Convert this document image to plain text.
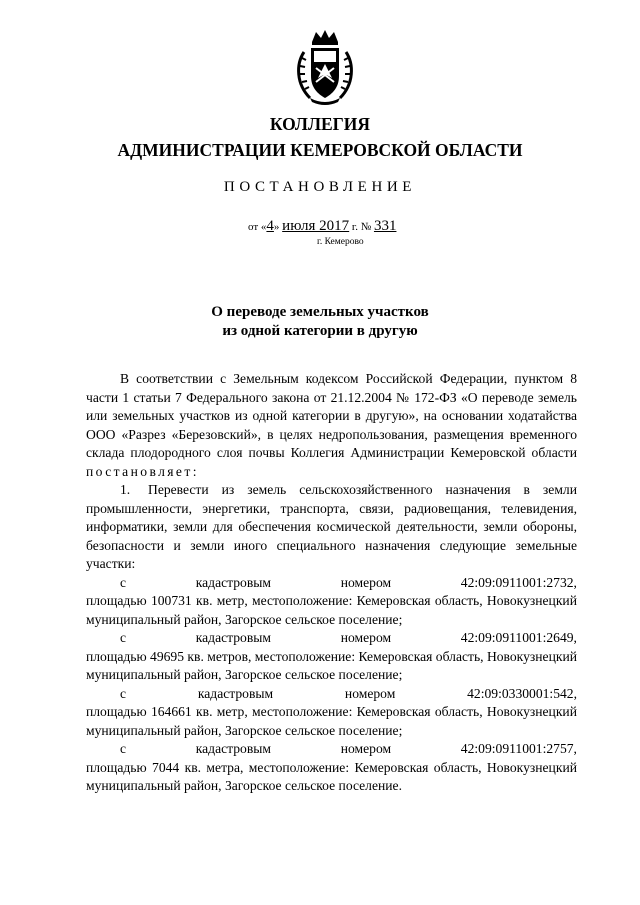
КОЛЛЕГИЯ
АДМИНИСТРАЦИИ КЕМЕРОВСКОЙ ОБЛАСТИ
ПОСТАНОВЛЕНИЕ
от «4» июля 2017 г. № 331
г. Кемерово
О переводе земельных участков
из одной категории в другую

В соответствии с Земельным кодексом Российской Федерации, пунктом 8 части 1 статьи 7 Федерального закона от 21.12.2004 № 172-ФЗ «О переводе земель или земельных участков из одной категории в другую», на основании ходатайства ООО «Разрез «Березовский», в целях недропользования, размещения временного склада плодородного слоя почвы Коллегия Администрации Кемеровской области постановляет:

1. Перевести из земель сельскохозяйственного назначения в земли промышленности, энергетики, транспорта, связи, радиовещания, телевидения, информатики, земли для обеспечения космической деятельности, земли обороны, безопасности и земли иного специального назначения следующие земельные участки:

с	кадастровым	номером	42:09:0911001:2732,

площадью 100731 кв. метр, местоположение: Кемеровская область, Новокузнецкий муниципальный район, Загорское сельское поселение;

с	кадастровым	номером	42:09:0911001:2649,

площадью 49695 кв. метров, местоположение: Кемеровская область, Новокузнецкий муниципальный район, Загорское сельское поселение;

с	кадастровым	номером	42:09:0330001:542,

площадью 164661 кв. метр, местоположение: Кемеровская область, Новокузнецкий муниципальный район, Загорское сельское поселение;

с	кадастровым	номером	42:09:0911001:2757,

площадью 7044 кв. метра, местоположение: Кемеровская область, Новокузнецкий муниципальный район, Загорское сельское поселение.
